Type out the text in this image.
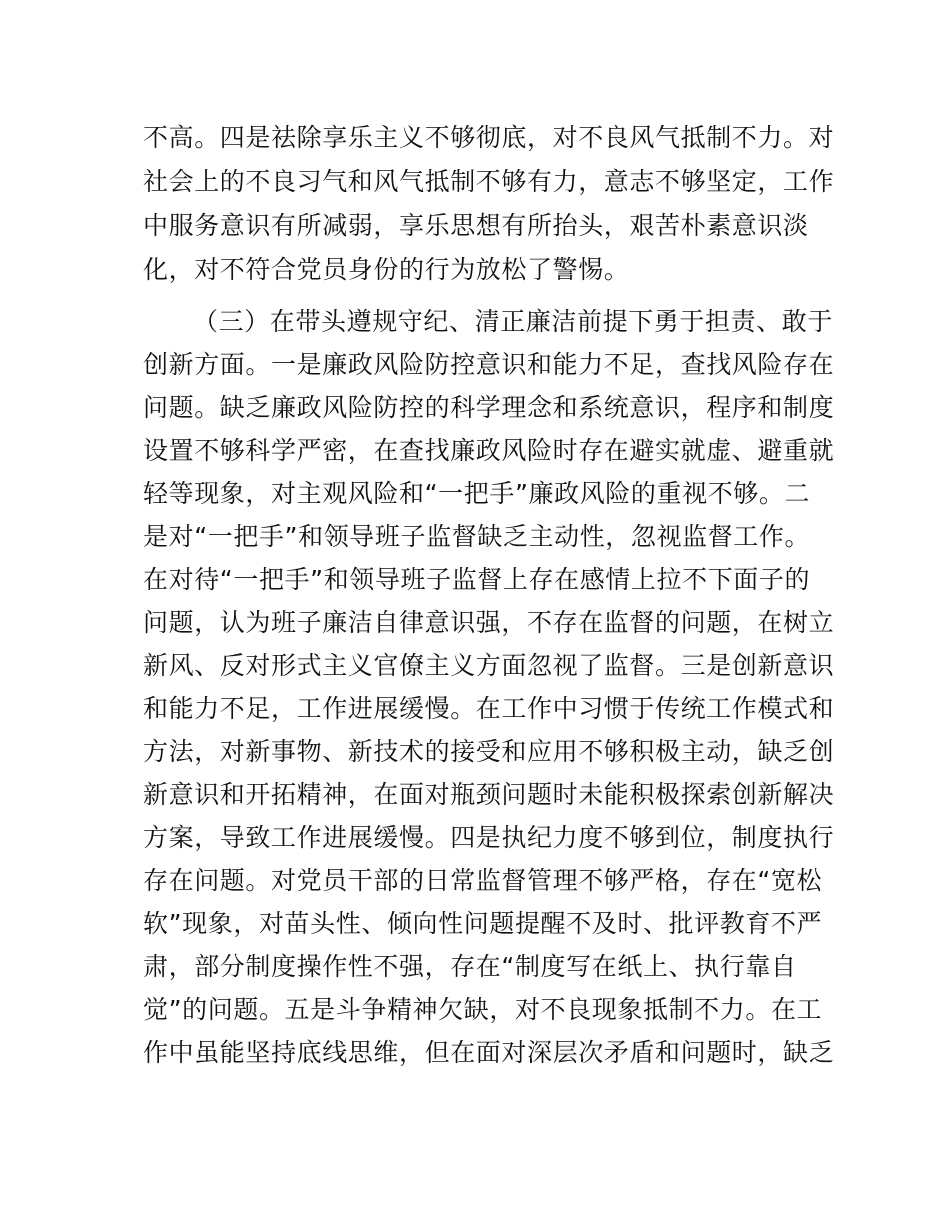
不高。四是祛除享乐主义不够彻底，对不良风气抵制不力。对
社会上的不良习气和风气抵制不够有力，意志不够坚定，工作
中服务意识有所减弱，享乐思想有所抬头，艰苦朴素意识淡
化，对不符合党员身份的行为放松了警惕。
（三）在带头遵规守纪、清正廉洁前提下勇于担责、敢于
创新方面。一是廉政风险防控意识和能力不足，查找风险存在
问题。缺乏廉政风险防控的科学理念和系统意识，程序和制度
设置不够科学严密，在查找廉政风险时存在避实就虚、避重就
轻等现象，对主观风险和“一把手”廉政风险的重视不够。二
是对“一把手”和领导班子监督缺乏主动性，忽视监督工作。
在对待“一把手”和领导班子监督上存在感情上拉不下面子的
问题，认为班子廉洁自律意识强，不存在监督的问题，在树立
新风、反对形式主义官僚主义方面忽视了监督。三是创新意识
和能力不足，工作进展缓慢。在工作中习惯于传统工作模式和
方法，对新事物、新技术的接受和应用不够积极主动，缺乏创
新意识和开拓精神，在面对瓶颈问题时未能积极探索创新解决
方案，导致工作进展缓慢。四是执纪力度不够到位，制度执行
存在问题。对党员干部的日常监督管理不够严格，存在“宽松
软”现象，对苗头性、倾向性问题提醒不及时、批评教育不严
肃，部分制度操作性不强，存在“制度写在纸上、执行靠自
觉”的问题。五是斗争精神欠缺，对不良现象抵制不力。在工
作中虽能坚持底线思维，但在面对深层次矛盾和问题时，缺乏
